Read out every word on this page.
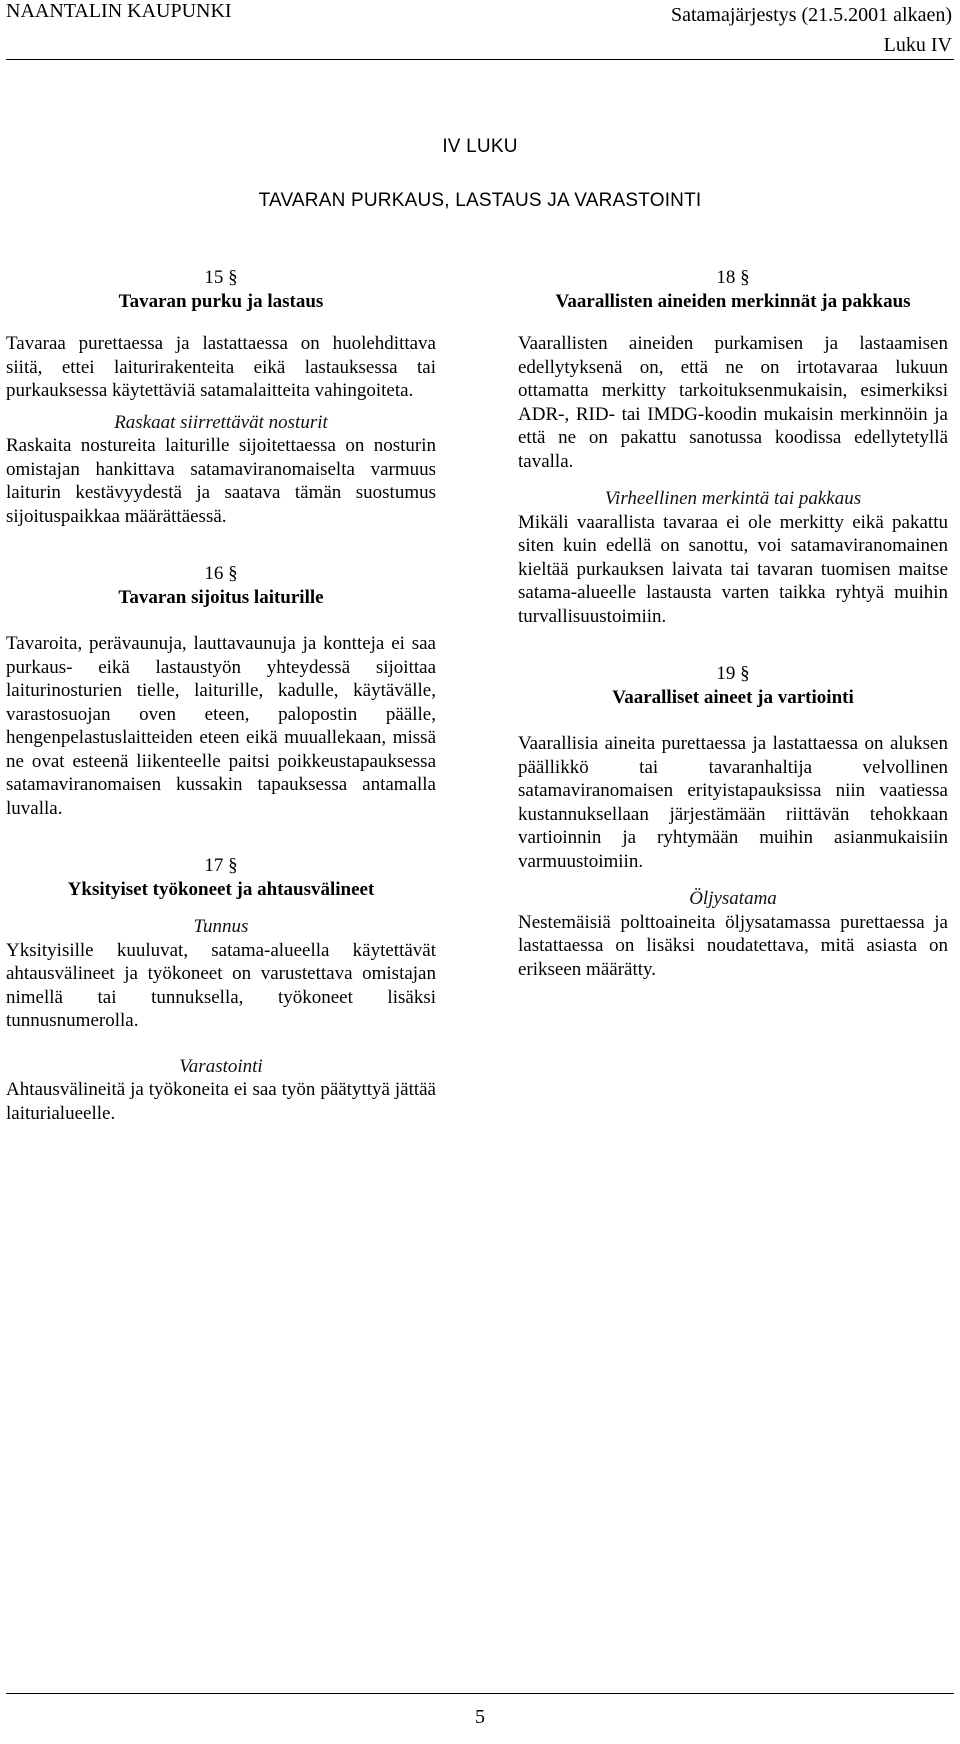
NAANTALIN KAUPUNKI	Satamajärjestys (21.5.2001 alkaen)
Luku IV
IV LUKU
TAVARAN PURKAUS, LASTAUS JA VARASTOINTI
15 §
Tavaran purku ja lastaus

Tavaraa purettaessa ja lastattaessa on huolehdittava siitä, ettei laiturirakenteita eikä lastauksessa tai purkauksessa käytettäviä satamalaitteita vahingoiteta.

Raskaat siirrettävät nosturit

Raskaita nostureita laiturille sijoitettaessa on nosturin omistajan hankittava satamaviranomaiselta varmuus laiturin kestävyydestä ja saatava tämän suostumus sijoituspaikkaa määrättäessä.

16 §
Tavaran sijoitus laiturille

Tavaroita, perävaunuja, lauttavaunuja ja kontteja ei saa purkaus- eikä lastaustyön yhteydessä sijoittaa laiturinosturien tielle, laiturille, kadulle, käytävälle, varastosuojan oven eteen, palopostin päälle, hengenpelastuslaitteiden eteen eikä muuallekaan, missä ne ovat esteenä liikenteelle paitsi poikkeustapauksessa satamaviranomaisen kussakin tapauksessa antamalla luvalla.

17 §
Yksityiset työkoneet ja ahtausvälineet
Tunnus

Yksityisille kuuluvat, satama-alueella käytettävät ahtausvälineet ja työkoneet on varustettava omistajan nimellä tai tunnuksella, työkoneet lisäksi tunnusnumerolla.

Varastointi

Ahtausvälineitä ja työkoneita ei saa työn päätyttyä jättää laiturialueelle.

18 §
Vaarallisten aineiden merkinnät ja pakkaus

Vaarallisten aineiden purkamisen ja lastaamisen edellytyksenä on, että ne on irtotavaraa lukuun ottamatta merkitty tarkoituksenmukaisin, esimerkiksi ADR-, RID- tai IMDG-koodin mukaisin merkinnöin ja että ne on pakattu sanotussa koodissa edellytetyllä tavalla.

Virheellinen merkintä tai pakkaus

Mikäli vaarallista tavaraa ei ole merkitty eikä pakattu siten kuin edellä on sanottu, voi satamaviranomainen kieltää purkauksen laivata tai tavaran tuomisen maitse satama-alueelle lastausta varten taikka ryhtyä muihin turvallisuustoimiin.

19 §
Vaaralliset aineet ja vartiointi

Vaarallisia aineita purettaessa ja lastattaessa on aluksen päällikkö tai tavaranhaltija velvollinen satamaviranomaisen erityistapauksissa niin vaatiessa kustannuksellaan järjestämään riittävän tehokkaan vartioinnin ja ryhtymään muihin asianmukaisiin varmuustoimiin.

Öljysatama

Nestemäisiä polttoaineita öljysatamassa purettaessa ja lastattaessa on lisäksi noudatettava, mitä asiasta on erikseen määrätty.

5
